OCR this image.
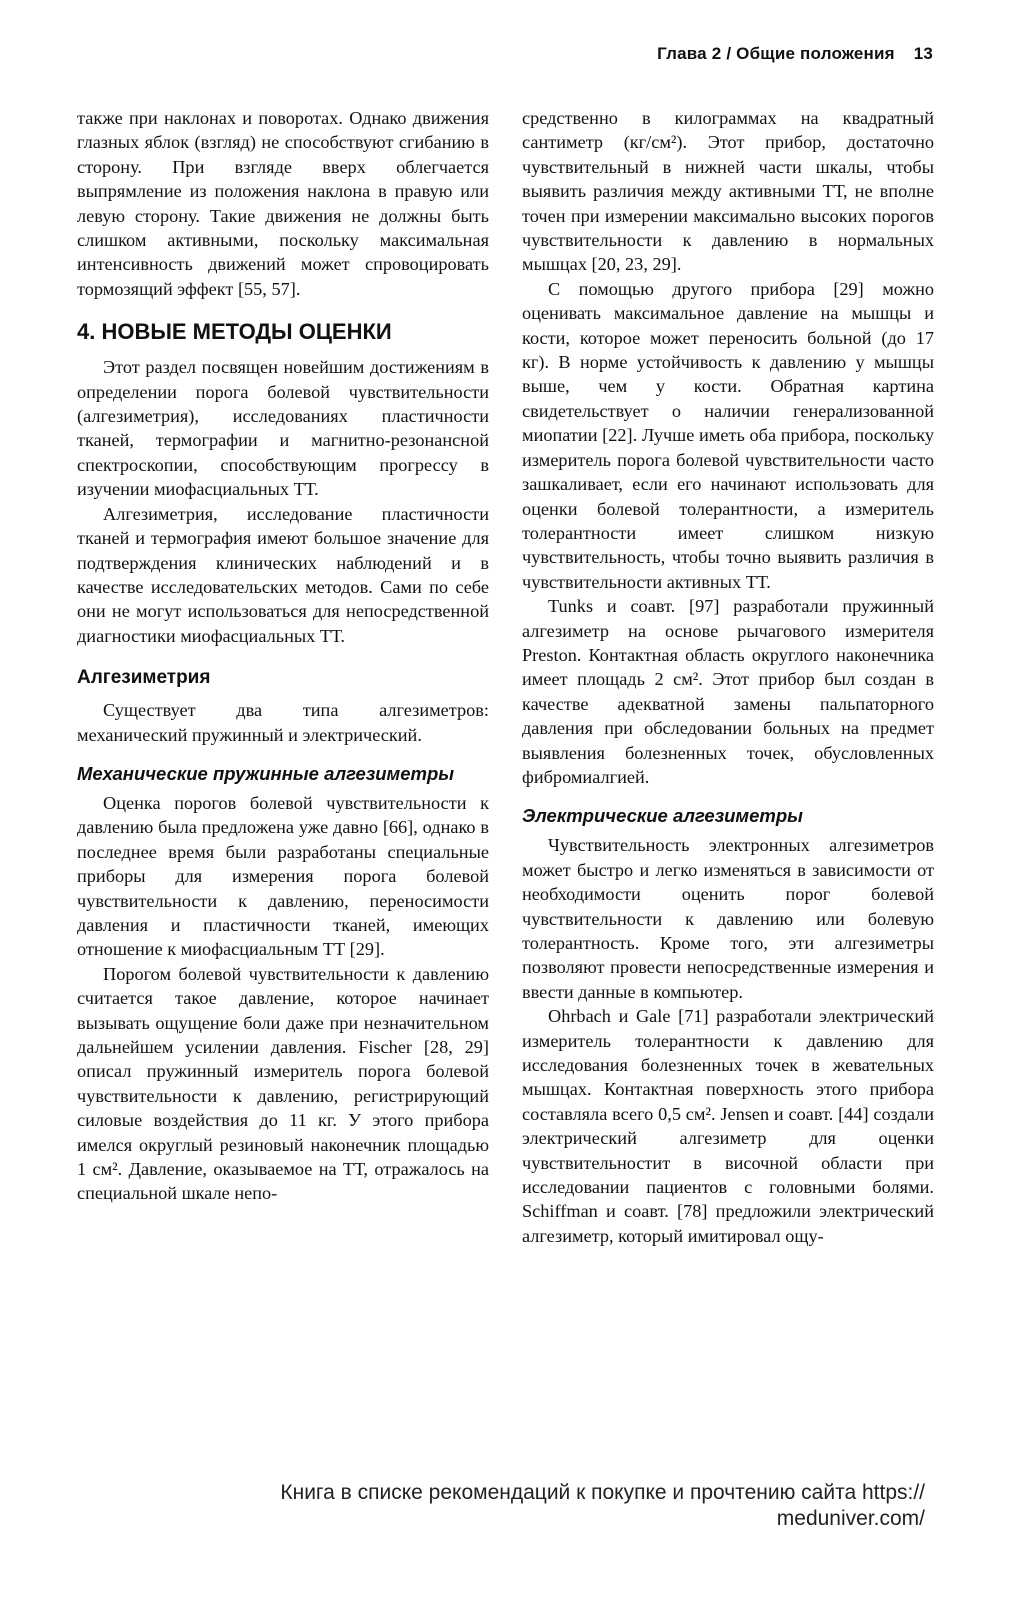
Глава 2 / Общие положения 13

также при наклонах и поворотах. Однако движения глазных яблок (взгляд) не способствуют сгибанию в сторону. При взгляде вверх облегчается выпрямление из положения наклона в правую или левую сторону. Такие движения не должны быть слишком активными, поскольку максимальная интенсивность движений может спровоцировать тормозящий эффект [55, 57].

4. НОВЫЕ МЕТОДЫ ОЦЕНКИ

Этот раздел посвящен новейшим достижениям в определении порога болевой чувствительности (алгезиметрия), исследованиях пластичности тканей, термографии и магнитно-резонансной спектроскопии, способствующим прогрессу в изучении миофасциальных ТТ.

Алгезиметрия, исследование пластичности тканей и термография имеют большое значение для подтверждения клинических наблюдений и в качестве исследовательских методов. Сами по себе они не могут использоваться для непосредственной диагностики миофасциальных ТТ.

Алгезиметрия

Существует два типа алгезиметров: механический пружинный и электрический.

Механические пружинные алгезиметры

Оценка порогов болевой чувствительности к давлению была предложена уже давно [66], однако в последнее время были разработаны специальные приборы для измерения порога болевой чувствительности к давлению, переносимости давления и пластичности тканей, имеющих отношение к миофасциальным ТТ [29].

Порогом болевой чувствительности к давлению считается такое давление, которое начинает вызывать ощущение боли даже при незначительном дальнейшем усилении давления. Fischer [28, 29] описал пружинный измеритель порога болевой чувствительности к давлению, регистрирующий силовые воздействия до 11 кг. У этого прибора имелся округлый резиновый наконечник площадью 1 см². Давление, оказываемое на ТТ, отражалось на специальной шкале непо-

средственно в килограммах на квадратный сантиметр (кг/см²). Этот прибор, достаточно чувствительный в нижней части шкалы, чтобы выявить различия между активными ТТ, не вполне точен при измерении максимально высоких порогов чувствительности к давлению в нормальных мышцах [20, 23, 29].

С помощью другого прибора [29] можно оценивать максимальное давление на мышцы и кости, которое может переносить больной (до 17 кг). В норме устойчивость к давлению у мышцы выше, чем у кости. Обратная картина свидетельствует о наличии генерализованной миопатии [22]. Лучше иметь оба прибора, поскольку измеритель порога болевой чувствительности часто зашкаливает, если его начинают использовать для оценки болевой толерантности, а измеритель толерантности имеет слишком низкую чувствительность, чтобы точно выявить различия в чувствительности активных ТТ.

Tunks и соавт. [97] разработали пружинный алгезиметр на основе рычагового измерителя Preston. Контактная область округлого наконечника имеет площадь 2 см². Этот прибор был создан в качестве адекватной замены пальпаторного давления при обследовании больных на предмет выявления болезненных точек, обусловленных фибромиалгией.

Электрические алгезиметры

Чувствительность электронных алгезиметров может быстро и легко изменяться в зависимости от необходимости оценить порог болевой чувствительности к давлению или болевую толерантность. Кроме того, эти алгезиметры позволяют провести непосредственные измерения и ввести данные в компьютер.

Ohrbach и Gale [71] разработали электрический измеритель толерантности к давлению для исследования болезненных точек в жевательных мышцах. Контактная поверхность этого прибора составляла всего 0,5 см². Jensen и соавт. [44] создали электрический алгезиметр для оценки чувствительностит в височной области при исследовании пациентов с головными болями. Schiffman и соавт. [78] предложили электрический алгезиметр, который имитировал ощу-

Книга в списке рекомендаций к покупке и прочтению сайта https://
meduniver.com/
